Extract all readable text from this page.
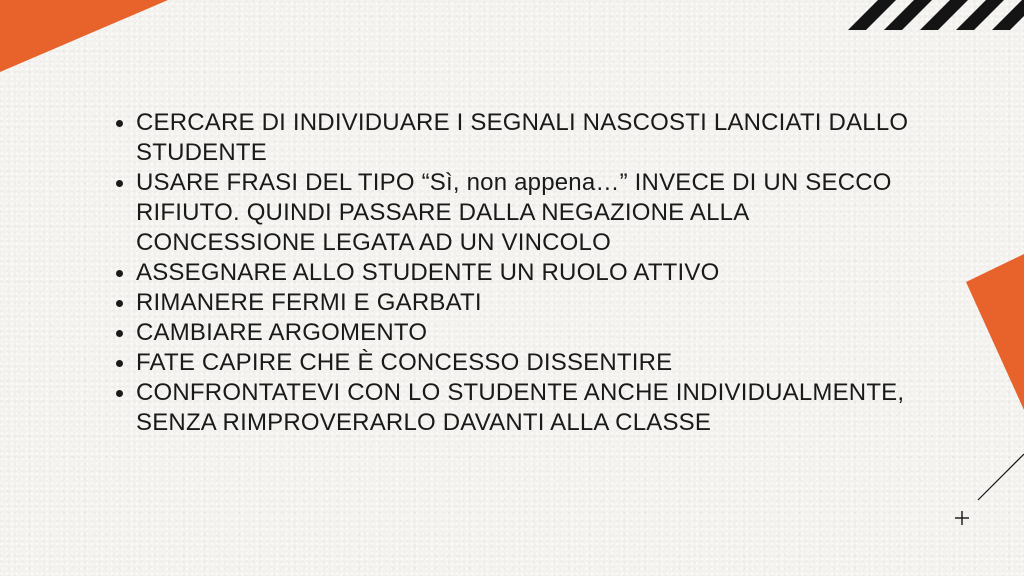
CERCARE DI INDIVIDUARE I SEGNALI NASCOSTI LANCIATI DALLO STUDENTE
USARE FRASI DEL TIPO “Sì, non appena…” INVECE DI UN SECCO RIFIUTO. QUINDI PASSARE DALLA NEGAZIONE ALLA CONCESSIONE LEGATA AD UN VINCOLO
ASSEGNARE ALLO STUDENTE UN RUOLO ATTIVO
RIMANERE FERMI E GARBATI
CAMBIARE ARGOMENTO
FATE CAPIRE CHE È CONCESSO DISSENTIRE
CONFRONTATEVI CON LO STUDENTE ANCHE INDIVIDUALMENTE, SENZA RIMPROVERARLO DAVANTI ALLA CLASSE
